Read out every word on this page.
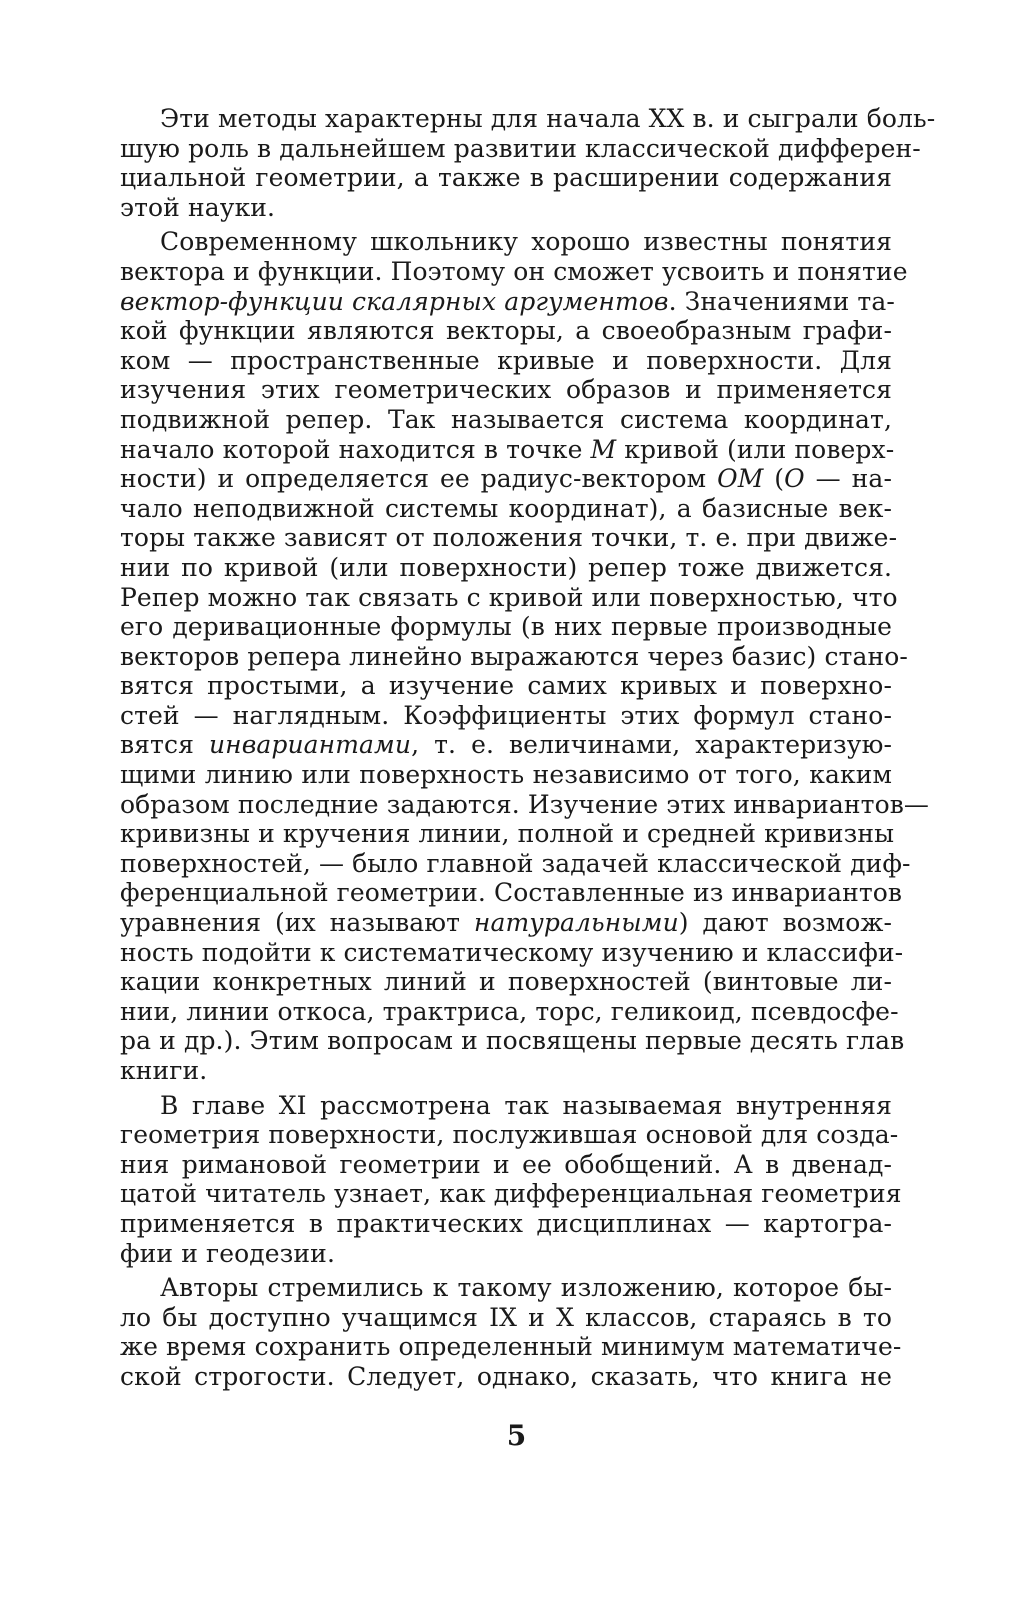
Эти методы характерны для начала XX в. и сыграли боль-
шую роль в дальнейшем развитии классической дифферен-
циальной геометрии, а также в расширении содержания
этой науки.
Современному школьнику хорошо известны понятия
вектора и функции. Поэтому он сможет усвоить и понятие
вектор-функции скалярных аргументов. Значениями та-
кой функции являются векторы, а своеобразным графи-
ком — пространственные кривые и поверхности. Для
изучения этих геометрических образов и применяется
подвижной репер. Так называется система координат,
начало которой находится в точке M кривой (или поверх-
ности) и определяется ее радиус-вектором OM (O — на-
чало неподвижной системы координат), а базисные век-
торы также зависят от положения точки, т. е. при движе-
нии по кривой (или поверхности) репер тоже движется.
Репер можно так связать с кривой или поверхностью, что
его деривационные формулы (в них первые производные
векторов репера линейно выражаются через базис) стано-
вятся простыми, а изучение самих кривых и поверхно-
стей — наглядным. Коэффициенты этих формул стано-
вятся инвариантами, т. е. величинами, характеризую-
щими линию или поверхность независимо от того, каким
образом последние задаются. Изучение этих инвариантов—
кривизны и кручения линии, полной и средней кривизны
поверхностей, — было главной задачей классической диф-
ференциальной геометрии. Составленные из инвариантов
уравнения (их называют натуральными) дают возмож-
ность подойти к систематическому изучению и классифи-
кации конкретных линий и поверхностей (винтовые ли-
нии, линии откоса, трактриса, торс, геликоид, псевдосфе-
ра и др.). Этим вопросам и посвящены первые десять глав
книги.
В главе XI рассмотрена так называемая внутренняя
геометрия поверхности, послужившая основой для созда-
ния римановой геометрии и ее обобщений. А в двенад-
цатой читатель узнает, как дифференциальная геометрия
применяется в практических дисциплинах — картогра-
фии и геодезии.
Авторы стремились к такому изложению, которое бы-
ло бы доступно учащимся IX и X классов, стараясь в то
же время сохранить определенный минимум математиче-
ской строгости. Следует, однако, сказать, что книга не
5
